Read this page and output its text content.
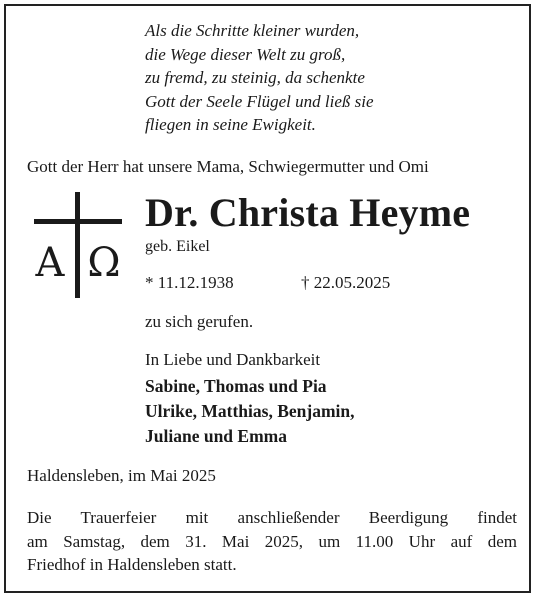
Als die Schritte kleiner wurden,
die Wege dieser Welt zu groß,
zu fremd, zu steinig, da schenkte
Gott der Seele Flügel und ließ sie
fliegen in seine Ewigkeit.
Gott der Herr hat unsere Mama, Schwiegermutter und Omi
Α Ω
Dr. Christa Heyme
geb. Eikel
* 11.12.1938	† 22.05.2025
zu sich gerufen.
In Liebe und Dankbarkeit
Sabine, Thomas und Pia
Ulrike, Matthias, Benjamin,
Juliane und Emma
Haldensleben, im Mai 2025
Die Trauerfeier mit anschließender Beerdigung findet
am Samstag, dem 31. Mai 2025, um 11.00 Uhr auf dem
Friedhof in Haldensleben statt.
